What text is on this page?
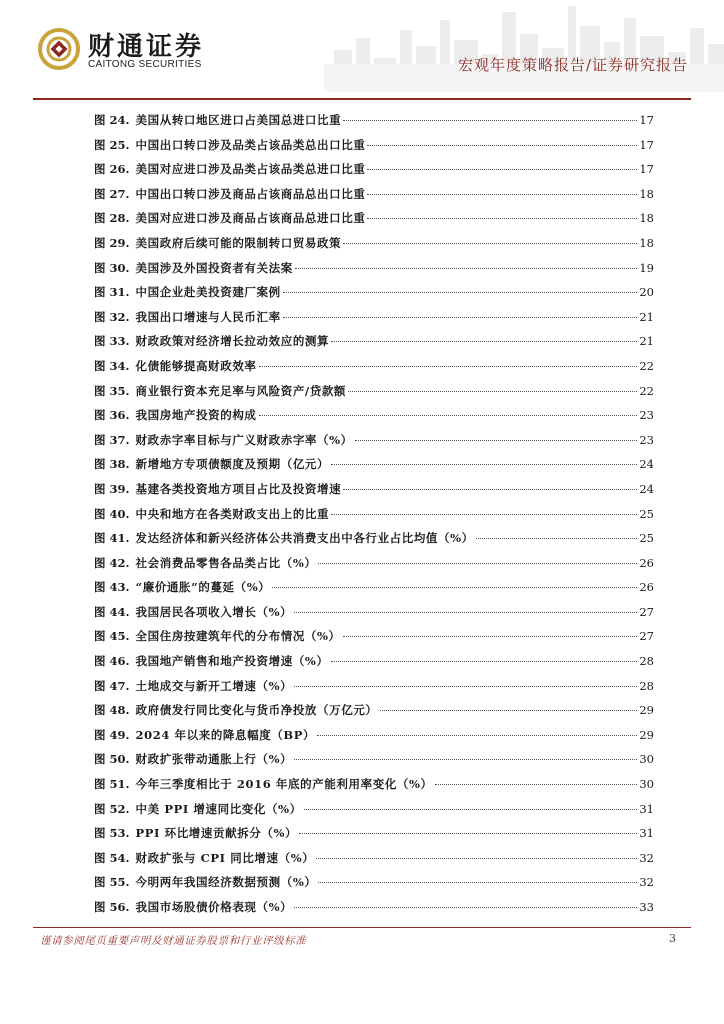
财通证券
CAITONG SECURITIES	宏观年度策略报告/证券研究报告
图 24. 美国从转口地区进口占美国总进口比重	17
图 25. 中国出口转口涉及品类占该品类总出口比重	17
图 26. 美国对应进口涉及品类占该品类总进口比重	17
图 27. 中国出口转口涉及商品占该商品总出口比重	18
图 28. 美国对应进口涉及商品占该商品总进口比重	18
图 29. 美国政府后续可能的限制转口贸易政策	18
图 30. 美国涉及外国投资者有关法案	19
图 31. 中国企业赴美投资建厂案例	20
图 32. 我国出口增速与人民币汇率	21
图 33. 财政政策对经济增长拉动效应的测算	21
图 34. 化债能够提高财政效率	22
图 35. 商业银行资本充足率与风险资产/贷款额	22
图 36. 我国房地产投资的构成	23
图 37. 财政赤字率目标与广义财政赤字率（%）	23
图 38. 新增地方专项债额度及预期（亿元）	24
图 39. 基建各类投资地方项目占比及投资增速	24
图 40. 中央和地方在各类财政支出上的比重	25
图 41. 发达经济体和新兴经济体公共消费支出中各行业占比均值（%）	25
图 42. 社会消费品零售各品类占比（%）	26
图 43. “廉价通胀”的蔓延（%）	26
图 44. 我国居民各项收入增长（%）	27
图 45. 全国住房按建筑年代的分布情况（%）	27
图 46. 我国地产销售和地产投资增速（%）	28
图 47. 土地成交与新开工增速（%）	28
图 48. 政府债发行同比变化与货币净投放（万亿元）	29
图 49. 2024 年以来的降息幅度（BP）	29
图 50. 财政扩张带动通胀上行（%）	30
图 51. 今年三季度相比于 2016 年底的产能利用率变化（%）	30
图 52. 中美 PPI 增速同比变化（%）	31
图 53. PPI 环比增速贡献拆分（%）	31
图 54. 财政扩张与 CPI 同比增速（%）	32
图 55. 今明两年我国经济数据预测（%）	32
图 56. 我国市场股债价格表现（%）	33
谨请参阅尾页重要声明及财通证券股票和行业评级标准	3
